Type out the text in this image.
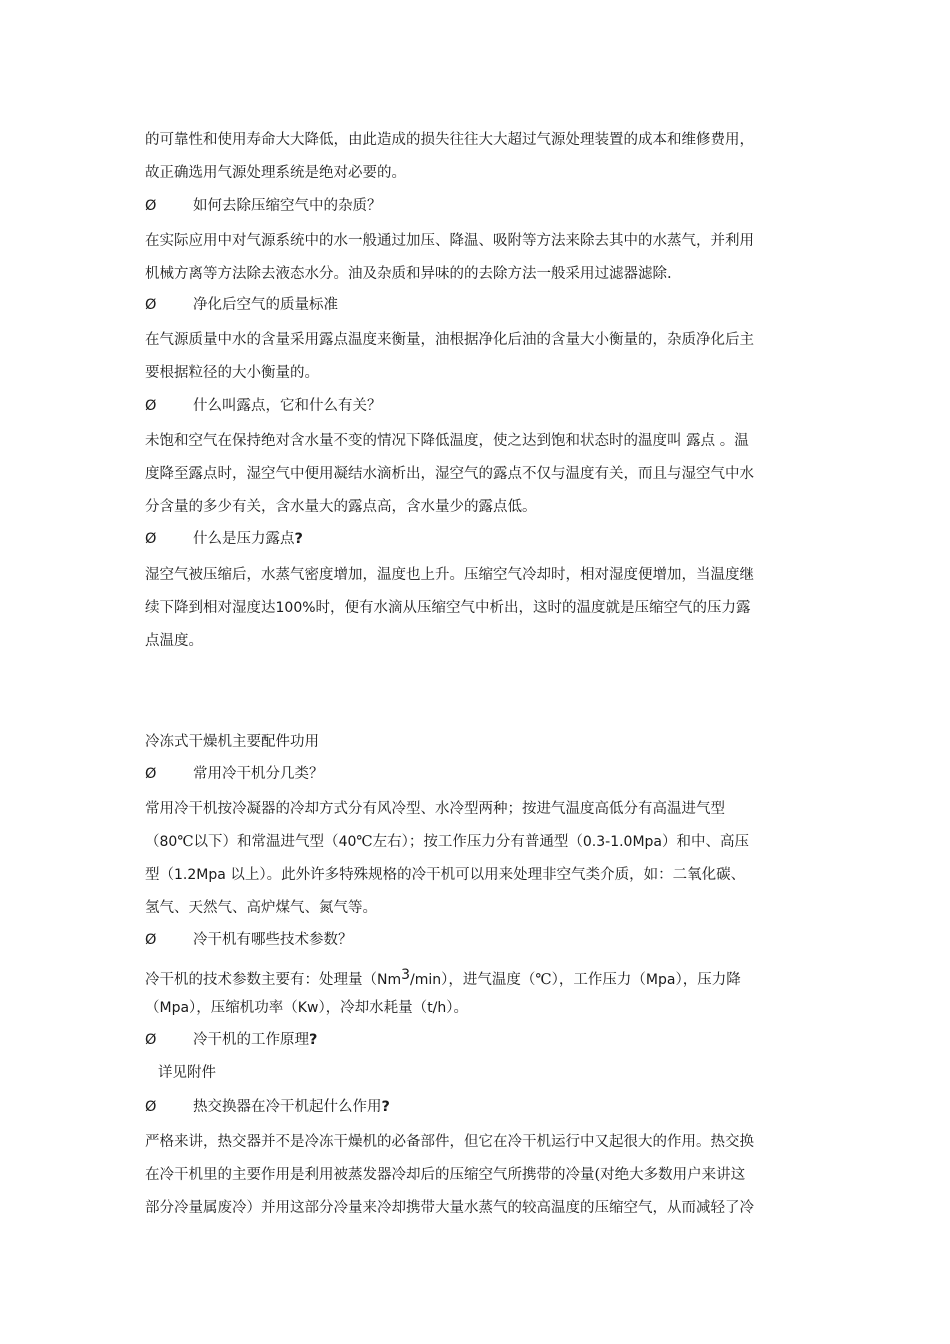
的可靠性和使用寿命大大降低，由此造成的损失往往大大超过气源处理装置的成本和维修费用，
故正确选用气源处理系统是绝对必要的。
Ø	如何去除压缩空气中的杂质？
在实际应用中对气源系统中的水一般通过加压、降温、吸附等方法来除去其中的水蒸气，并利用
机械方离等方法除去液态水分。油及杂质和异味的的去除方法一般采用过滤器滤除.
Ø	净化后空气的质量标准
在气源质量中水的含量采用露点温度来衡量，油根据净化后油的含量大小衡量的，杂质净化后主
要根据粒径的大小衡量的。
Ø	什么叫露点，它和什么有关？
未饱和空气在保持绝对含水量不变的情况下降低温度，使之达到饱和状态时的温度叫 露点 。温
度降至露点时，湿空气中便用凝结水滴析出，湿空气的露点不仅与温度有关，而且与湿空气中水
分含量的多少有关，含水量大的露点高，含水量少的露点低。
Ø	什么是压力露点?
湿空气被压缩后，水蒸气密度增加，温度也上升。压缩空气冷却时，相对湿度便增加，当温度继
续下降到相对湿度达100%时，便有水滴从压缩空气中析出，这时的温度就是压缩空气的压力露
点温度。
冷冻式干燥机主要配件功用
Ø	常用冷干机分几类？
常用冷干机按冷凝器的冷却方式分有风冷型、水冷型两种；按进气温度高低分有高温进气型
（80℃以下）和常温进气型（40℃左右）；按工作压力分有普通型（0.3-1.0Mpa）和中、高压
型（1.2Mpa 以上）。此外许多特殊规格的冷干机可以用来处理非空气类介质，如：二氧化碳、
氢气、天然气、高炉煤气、氮气等。
Ø	冷干机有哪些技术参数？
冷干机的技术参数主要有：处理量（Nm$^3$/min），进气温度（℃），工作压力（Mpa），压力降
（Mpa），压缩机功率（Kw），冷却水耗量（t/h）。
Ø	冷干机的工作原理?
详见附件
Ø	热交换器在冷干机起什么作用?
严格来讲，热交器并不是冷冻干燥机的必备部件，但它在冷干机运行中又起很大的作用。热交换
在冷干机里的主要作用是利用被蒸发器冷却后的压缩空气所携带的冷量(对绝大多数用户来讲这
部分冷量属废冷）并用这部分冷量来冷却携带大量水蒸气的较高温度的压缩空气，从而减轻了冷
